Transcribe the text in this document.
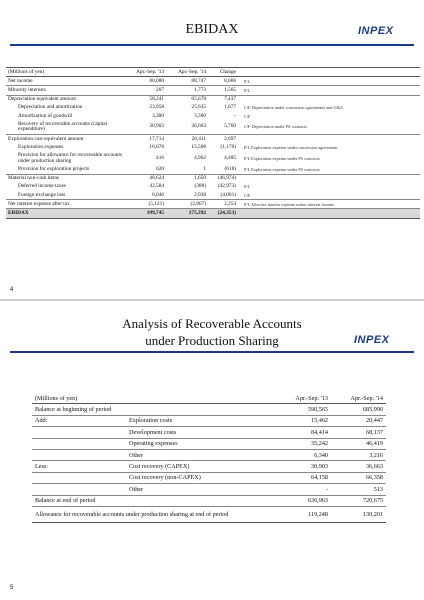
EBIDAX	INPEX
(Millions of yen)	Apr.-Sep. '13	Apr.-Sep. '14	Change	
Net income	80,080	88,747	8,666	P/L
Minority interests	207	1,773	1,565	P/L
Depreciation equivalent amount	58,241	65,678	7,437	
Depreciation and amortization	23,958	25,635	1,677	C/F Depreciation under concession agreements and G&A
Amortization of goodwill	3,380	3,380	-	C/F
Recovery of recoverable accounts (capital expenditure)	30,903	36,663	5,760	C/F Depreciation under PS contracts
Exploration cost equivalent amount	17,714	20,411	2,697	
Exploration expenses	16,678	15,508	(1,170)	P/L Exploration expense under concession agreements
Provision for allowance for recoverable accounts under production sharing	416	4,902	4,485	P/L Exploration expense under PS contracts
Provision for exploration projects	620	1	(618)	P/L Exploration expense under PS contracts
Material non-cash items	48,624	1,650	(46,974)	
Deferred income taxes	42,584	(388)	(42,973)	P/L
Foreign exchange loss	6,040	2,038	(4,001)	C/F
Net interest expense after tax	(5,121)	(2,867)	2,254	P/L After-tax interest expense minus interest income
EBIDAX	199,745	175,392	(24,353)	
4
Analysis of Recoverable Accounts
under Production Sharing	INPEX
(Millions of yen)		Apr.-Sep. '13	Apr.-Sep. '14
Balance at beginning of period		590,565	685,990
Add:	Exploration costs	15,462	20,447
	Development costs	84,414	68,137
	Operating expenses	35,242	46,419
	Other	6,340	3,216
Less:	Cost recovery (CAPEX)	30,903	36,663
	Cost recovery (non-CAPEX)	64,158	66,358
	Other	-	513
Balance at end of period		636,963	720,675
Allowance for recoverable accounts under production sharing at end of period		119,248	130,201
5
